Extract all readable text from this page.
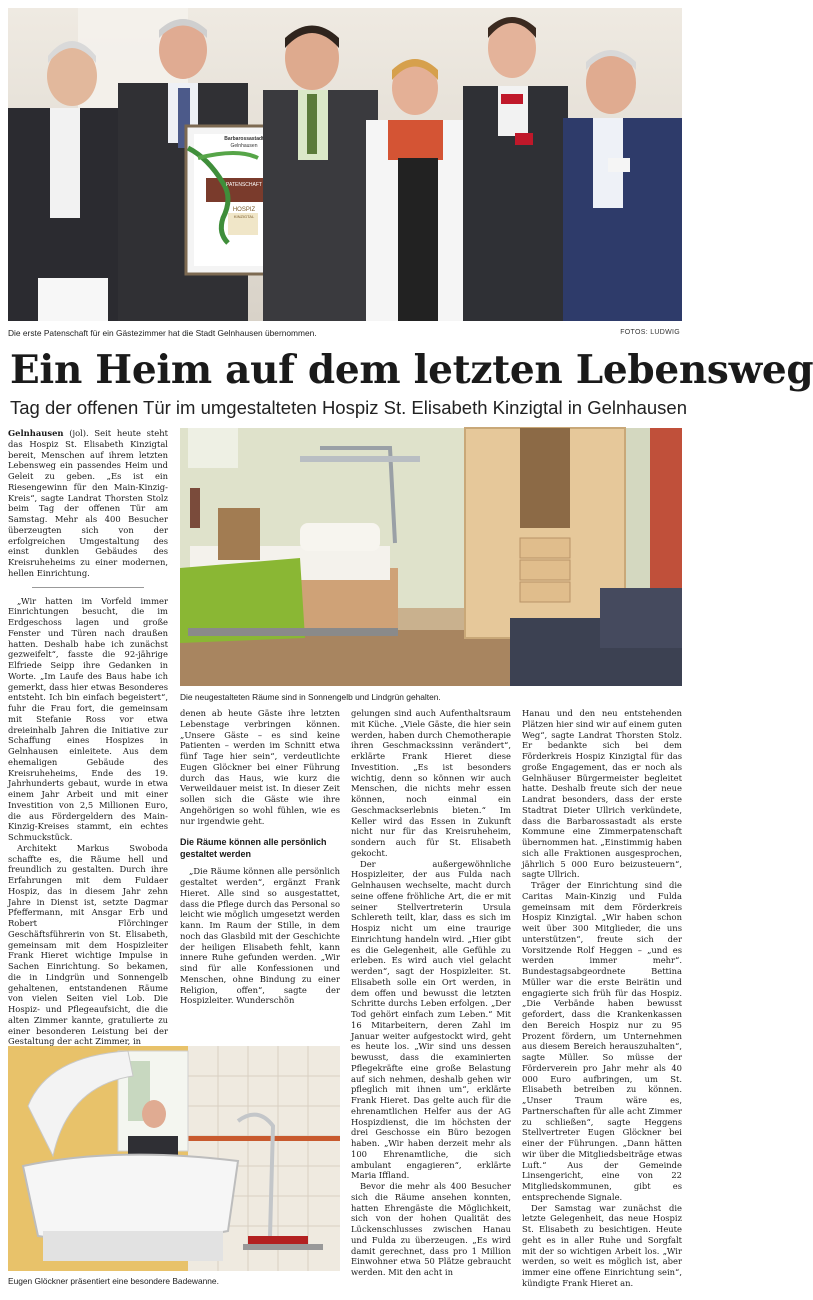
Barbarossastadt
Gelnhausen
PATENSCHAFT
HOSPIZ
KINZIGTAL
Die erste Patenschaft für ein Gästezimmer hat die Stadt Gelnhausen übernommen.	FOTOS: LUDWIG
Ein Heim auf dem letzten Lebensweg
Tag der offenen Tür im umgestalteten Hospiz St. Elisabeth Kinzigtal in Gelnhausen

Gelnhausen (jol). Seit heute steht das Hospiz St. Elisabeth Kinzigtal bereit, Menschen auf ihrem letzten Lebensweg ein passendes Heim und Geleit zu geben. „Es ist ein Riesengewinn für den Main-Kinzig-Kreis“, sagte Landrat Thorsten Stolz beim Tag der offenen Tür am Samstag. Mehr als 400 Besucher überzeugten sich von der erfolgreichen Umgestaltung des einst dunklen Gebäudes des Kreisruheheims zu einer modernen, hellen Einrichtung.

„Wir hatten im Vorfeld immer Einrichtungen besucht, die im Erdgeschoss lagen und große Fenster und Türen nach draußen hatten. Deshalb habe ich zunächst gezweifelt“, fasste die 92-jährige Elfriede Seipp ihre Gedanken in Worte. „Im Laufe des Baus habe ich gemerkt, dass hier etwas Besonderes entsteht. Ich bin einfach begeistert“, fuhr die Frau fort, die gemeinsam mit Stefanie Ross vor etwa dreieinhalb Jahren die Initiative zur Schaffung eines Hospizes in Gelnhausen einleitete. Aus dem ehemaligen Gebäude des Kreisruheheims, Ende des 19. Jahrhunderts gebaut, wurde in etwa einem Jahr Arbeit und mit einer Investition von 2,5 Millionen Euro, die aus Fördergeldern des Main-Kinzig-Kreises stammt, ein echtes Schmuckstück.

Architekt Markus Swoboda schaffte es, die Räume hell und freundlich zu gestalten. Durch ihre Erfahrungen mit dem Fuldaer Hospiz, das in diesem Jahr zehn Jahre in Dienst ist, setzte Dagmar Pfeffermann, mit Ansgar Erb und Robert Flörchinger Geschäftsführerin von St. Elisabeth, gemeinsam mit dem Hospizleiter Frank Hieret wichtige Impulse in Sachen Einrichtung. So bekamen, die in Lindgrün und Sonnengelb gehaltenen, entstandenen Räume von vielen Seiten viel Lob. Die Hospiz- und Pflegeaufsicht, die die alten Zimmer kannte, gratulierte zu einer besonderen Leistung bei der Gestaltung der acht Zimmer, in

Die neugestalteten Räume sind in Sonnengelb und Lindgrün gehalten.

denen ab heute Gäste ihre letzten Lebenstage verbringen können. „Unsere Gäste – es sind keine Patienten – werden im Schnitt etwa fünf Tage hier sein“, verdeutlichte Eugen Glöckner bei einer Führung durch das Haus, wie kurz die Verweildauer meist ist. In dieser Zeit sollen sich die Gäste wie ihre Angehörigen so wohl fühlen, wie es nur irgendwie geht.

Die Räume können alle persönlich gestaltet werden

„Die Räume können alle persönlich gestaltet werden“, ergänzt Frank Hieret. Alle sind so ausgestattet, dass die Pflege durch das Personal so leicht wie möglich umgesetzt werden kann. Im Raum der Stille, in dem noch das Glasbild mit der Geschichte der heiligen Elisabeth fehlt, kann innere Ruhe gefunden werden. „Wir sind für alle Konfessionen und Menschen, ohne Bindung zu einer Religion, offen“, sagte der Hospizleiter. Wunderschön

gelungen sind auch Aufenthaltsraum mit Küche. „Viele Gäste, die hier sein werden, haben durch Chemotherapie ihren Geschmackssinn verändert“, erklärte Frank Hieret diese Investition. „Es ist besonders wichtig, denn so können wir auch Menschen, die nichts mehr essen können, noch einmal ein Geschmackserlebnis bieten.“ Im Keller wird das Essen in Zukunft nicht nur für das Kreisruheheim, sondern auch für St. Elisabeth gekocht.

Der außergewöhnliche Hospizleiter, der aus Fulda nach Gelnhausen wechselte, macht durch seine offene fröhliche Art, die er mit seiner Stellvertreterin Ursula Schlereth teilt, klar, dass es sich im Hospiz nicht um eine traurige Einrichtung handeln wird. „Hier gibt es die Gelegenheit, alle Gefühle zu erleben. Es wird auch viel gelacht werden“, sagt der Hospizleiter. St. Elisabeth solle ein Ort werden, in dem offen und bewusst die letzten Schritte durchs Leben erfolgen. „Der Tod gehört einfach zum Leben.“ Mit 16 Mitarbeitern, deren Zahl im Januar weiter aufgestockt wird, geht es heute los. „Wir sind uns dessen bewusst, dass die examinierten Pflegekräfte eine große Belastung auf sich nehmen, deshalb gehen wir pfleglich mit ihnen um“, erklärte Frank Hieret. Das gelte auch für die ehrenamtlichen Helfer aus der AG Hospizdienst, die im höchsten der drei Geschosse ein Büro bezogen haben. „Wir haben derzeit mehr als 100 Ehrenamtliche, die sich ambulant engagieren“, erklärte Maria Iffland.

Bevor die mehr als 400 Besucher sich die Räume ansehen konnten, hatten Ehrengäste die Möglichkeit, sich von der hohen Qualität des Lückenschlusses zwischen Hanau und Fulda zu überzeugen. „Es wird damit gerechnet, dass pro 1 Million Einwohner etwa 50 Plätze gebraucht werden. Mit den acht in

Hanau und den neu entstehenden Plätzen hier sind wir auf einem guten Weg“, sagte Landrat Thorsten Stolz. Er bedankte sich bei dem Förderkreis Hospiz Kinzigtal für das große Engagement, das er noch als Gelnhäuser Bürgermeister begleitet hatte. Deshalb freute sich der neue Landrat besonders, dass der erste Stadtrat Dieter Ullrich verkündete, dass die Barbarossastadt als erste Kommune eine Zimmerpatenschaft übernommen hat. „Einstimmig haben sich alle Fraktionen ausgesprochen, jährlich 5 000 Euro beizusteuern“, sagte Ullrich.

Träger der Einrichtung sind die Caritas Main-Kinzig und Fulda gemeinsam mit dem Förderkreis Hospiz Kinzigtal. „Wir haben schon weit über 300 Mitglieder, die uns unterstützen“, freute sich der Vorsitzende Rolf Heggen – „und es werden immer mehr“. Bundestagsabgeordnete Bettina Müller war die erste Beirätin und engagierte sich früh für das Hospiz. „Die Verbände haben bewusst gefordert, dass die Krankenkassen den Bereich Hospiz nur zu 95 Prozent fördern, um Unternehmen aus diesem Bereich herauszuhalten“, sagte Müller. So müsse der Förderverein pro Jahr mehr als 40 000 Euro aufbringen, um St. Elisabeth betreiben zu können. „Unser Traum wäre es, Partnerschaften für alle acht Zimmer zu schließen“, sagte Heggens Stellvertreter Eugen Glöckner bei einer der Führungen. „Dann hätten wir über die Mitgliedsbeiträge etwas Luft.“ Aus der Gemeinde Linsengericht, eine von 22 Mitgliedskommunen, gibt es entsprechende Signale.

Der Samstag war zunächst die letzte Gelegenheit, das neue Hospiz St. Elisabeth zu besichtigen. Heute geht es in aller Ruhe und Sorgfalt mit der so wichtigen Arbeit los. „Wir werden, so weit es möglich ist, aber immer eine offene Einrichtung sein“, kündigte Frank Hieret an.

Eugen Glöckner präsentiert eine besondere Badewanne.
